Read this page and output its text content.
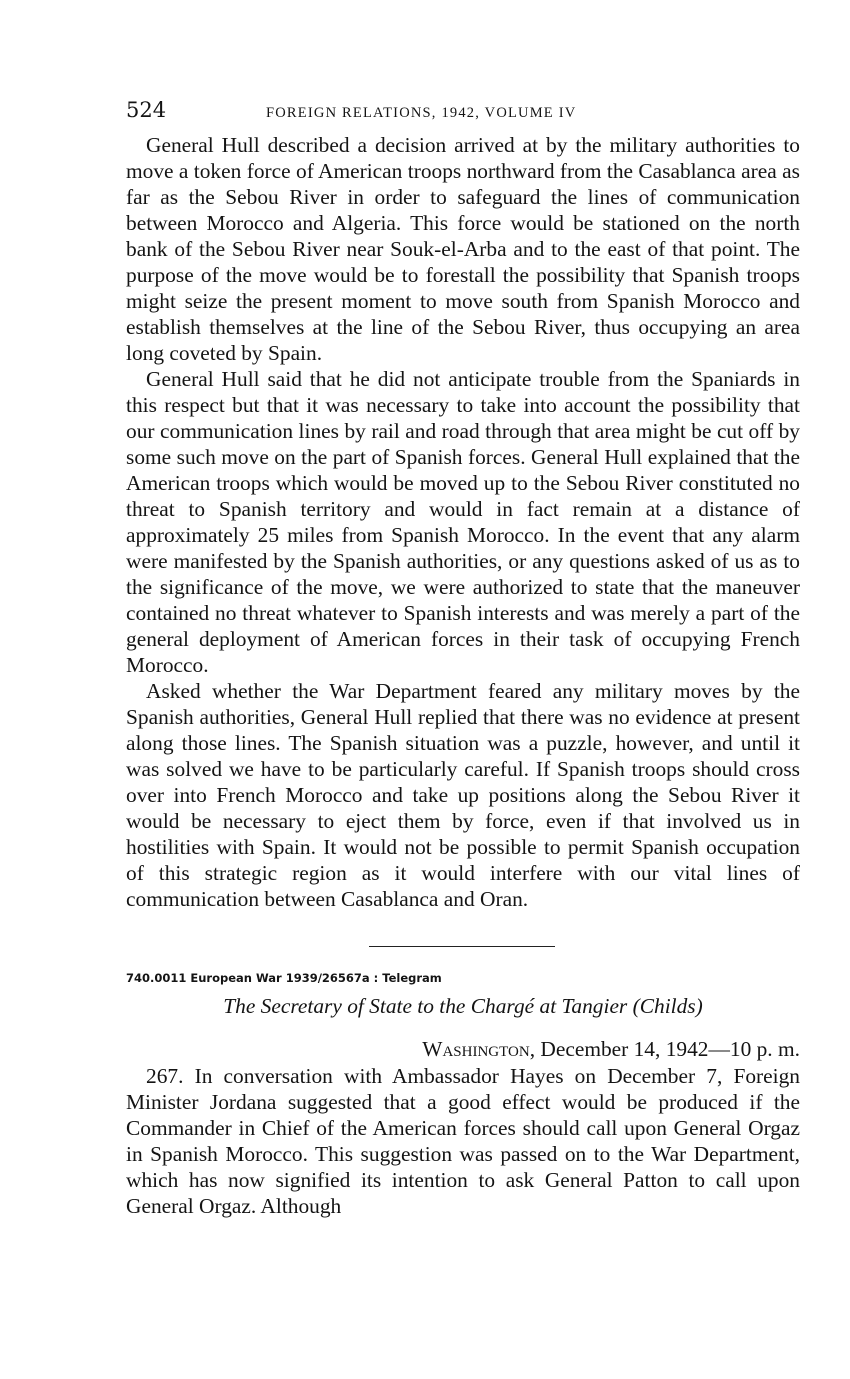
524	FOREIGN RELATIONS, 1942, VOLUME IV

General Hull described a decision arrived at by the military authorities to move a token force of American troops northward from the Casablanca area as far as the Sebou River in order to safeguard the lines of communication between Morocco and Algeria. This force would be stationed on the north bank of the Sebou River near Souk-el-Arba and to the east of that point. The purpose of the move would be to forestall the possibility that Spanish troops might seize the present moment to move south from Spanish Morocco and establish themselves at the line of the Sebou River, thus occupying an area long coveted by Spain.

General Hull said that he did not anticipate trouble from the Spaniards in this respect but that it was necessary to take into account the possibility that our communication lines by rail and road through that area might be cut off by some such move on the part of Spanish forces. General Hull explained that the American troops which would be moved up to the Sebou River constituted no threat to Spanish territory and would in fact remain at a distance of approximately 25 miles from Spanish Morocco. In the event that any alarm were manifested by the Spanish authorities, or any questions asked of us as to the significance of the move, we were authorized to state that the maneuver contained no threat whatever to Spanish interests and was merely a part of the general deployment of American forces in their task of occupying French Morocco.

Asked whether the War Department feared any military moves by the Spanish authorities, General Hull replied that there was no evidence at present along those lines. The Spanish situation was a puzzle, however, and until it was solved we have to be particularly careful. If Spanish troops should cross over into French Morocco and take up positions along the Sebou River it would be necessary to eject them by force, even if that involved us in hostilities with Spain. It would not be possible to permit Spanish occupation of this strategic region as it would interfere with our vital lines of communication between Casablanca and Oran.

740.0011 European War 1939/26567a : Telegram
The Secretary of State to the Chargé at Tangier (Childs)
Washington, December 14, 1942—10 p. m.

267. In conversation with Ambassador Hayes on December 7, Foreign Minister Jordana suggested that a good effect would be produced if the Commander in Chief of the American forces should call upon General Orgaz in Spanish Morocco. This suggestion was passed on to the War Department, which has now signified its intention to ask General Patton to call upon General Orgaz. Although
